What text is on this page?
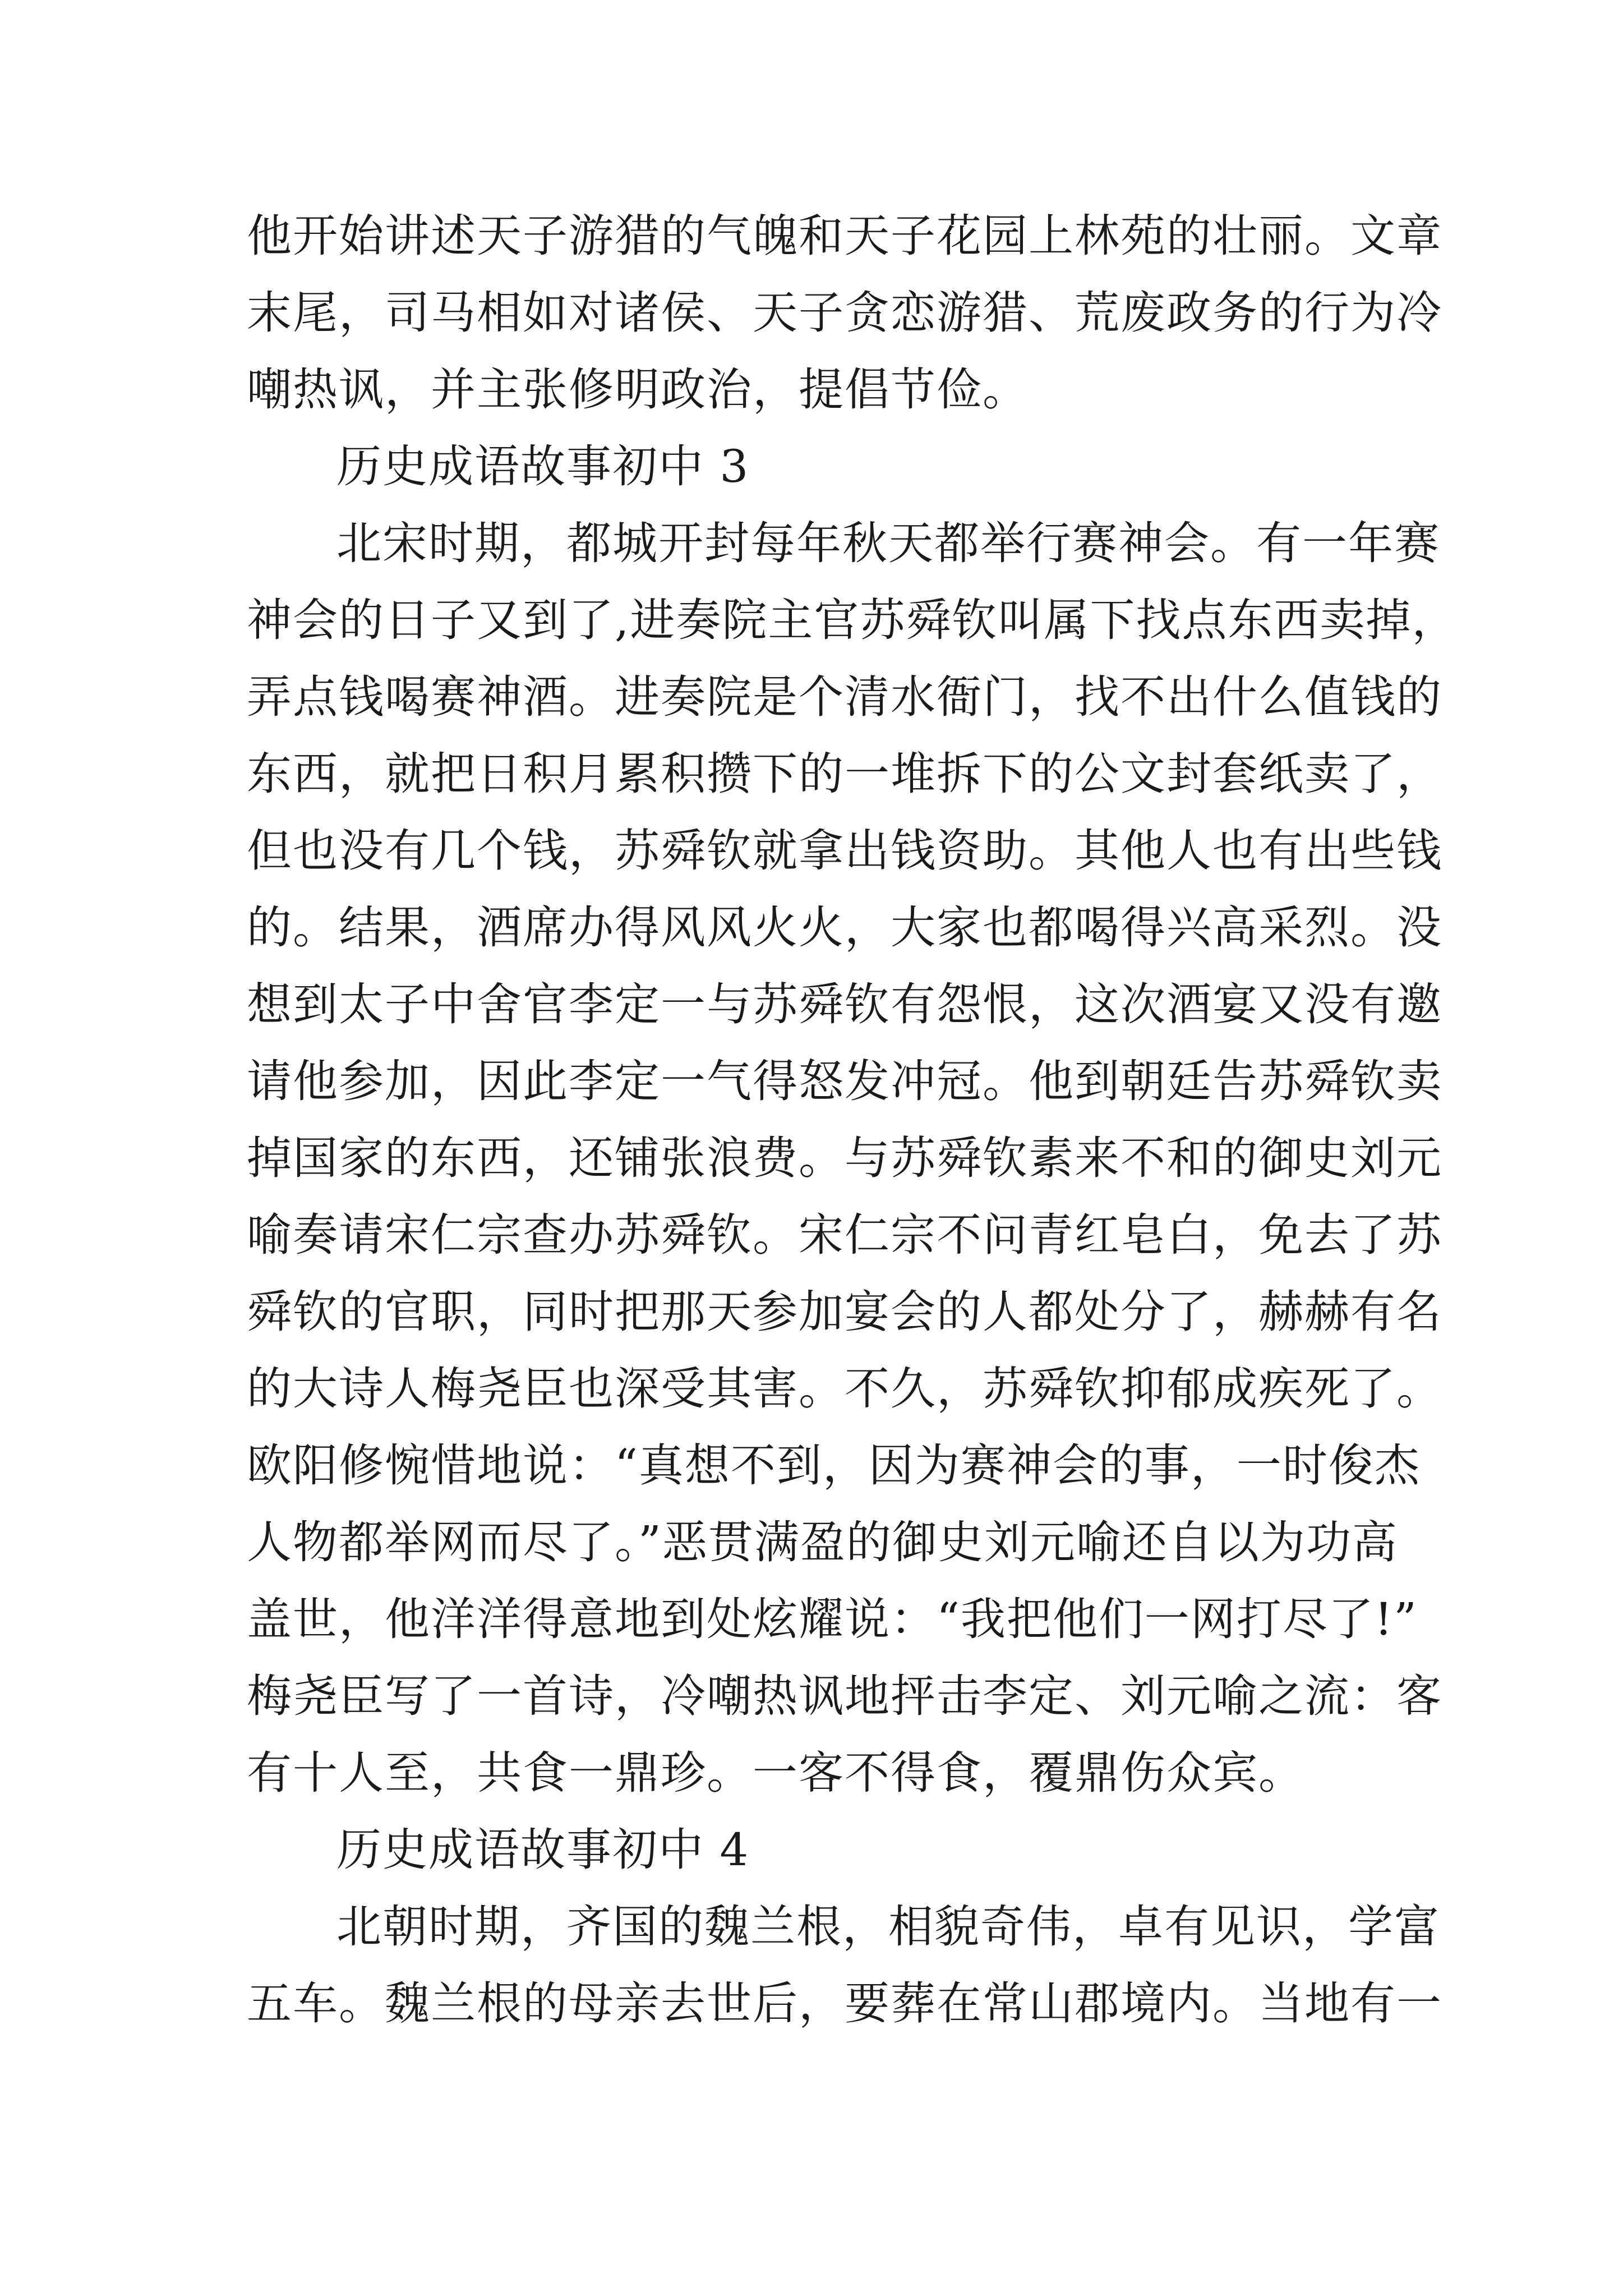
他开始讲述天子游猎的气魄和天子花园上林苑的壮丽。文章
末尾，司马相如对诸侯、天子贪恋游猎、荒废政务的行为冷
嘲热讽，并主张修明政治，提倡节俭。
历史成语故事初中 3
北宋时期，都城开封每年秋天都举行赛神会。有一年赛
神会的日子又到了,进奏院主官苏舜钦叫属下找点东西卖掉，
弄点钱喝赛神酒。进奏院是个清水衙门，找不出什么值钱的
东西，就把日积月累积攒下的一堆拆下的公文封套纸卖了，
但也没有几个钱，苏舜钦就拿出钱资助。其他人也有出些钱
的。结果，酒席办得风风火火，大家也都喝得兴高采烈。没
想到太子中舍官李定一与苏舜钦有怨恨，这次酒宴又没有邀
请他参加，因此李定一气得怒发冲冠。他到朝廷告苏舜钦卖
掉国家的东西，还铺张浪费。与苏舜钦素来不和的御史刘元
喻奏请宋仁宗查办苏舜钦。宋仁宗不问青红皂白，免去了苏
舜钦的官职，同时把那天参加宴会的人都处分了，赫赫有名
的大诗人梅尧臣也深受其害。不久，苏舜钦抑郁成疾死了。
欧阳修惋惜地说：“真想不到，因为赛神会的事，一时俊杰
人物都举网而尽了。”恶贯满盈的御史刘元喻还自以为功高
盖世，他洋洋得意地到处炫耀说：“我把他们一网打尽了!”
梅尧臣写了一首诗，冷嘲热讽地抨击李定、刘元喻之流：客
有十人至，共食一鼎珍。一客不得食，覆鼎伤众宾。
历史成语故事初中 4
北朝时期，齐国的魏兰根，相貌奇伟，卓有见识，学富
五车。魏兰根的母亲去世后，要葬在常山郡境内。当地有一
